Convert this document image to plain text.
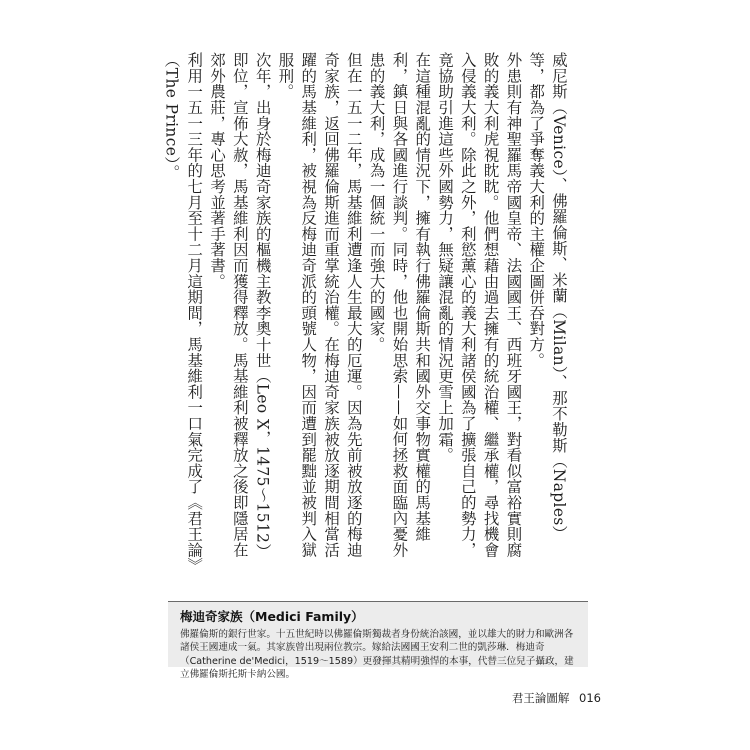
威尼斯（Venice）、佛羅倫斯、米蘭（Milan）、那不勒斯（Naples）等，都為了爭奪義大利的主權企圖併吞對方。

外患則有神聖羅馬帝國皇帝、法國國王、西班牙國王，對看似富裕實則腐敗的義大利虎視眈眈。他們想藉由過去擁有的統治權、繼承權，尋找機會入侵義大利。除此之外，利慾薰心的義大利諸侯國為了擴張自己的勢力，竟協助引進這些外國勢力，無疑讓混亂的情況更雪上加霜。

在這種混亂的情況下，擁有執行佛羅倫斯共和國外交事物實權的馬基維利，鎮日與各國進行談判。同時，他也開始思索——如何拯救面臨內憂外患的義大利，成為一個統一而強大的國家。

但在一五一二年，馬基維利遭逢人生最大的厄運。因為先前被放逐的梅迪奇家族，返回佛羅倫斯進而重掌統治權。在梅迪奇家族被放逐期間相當活躍的馬基維利，被視為反梅迪奇派的頭號人物，因而遭到罷黜並被判入獄服刑。

次年，出身於梅迪奇家族的樞機主教李奧十世（Leo X，1475～1512）即位，宣佈大赦，馬基維利因而獲得釋放。馬基維利被釋放之後即隱居在郊外農莊，專心思考並著手著書。

利用一五一三年的七月至十二月這期間，馬基維利一口氣完成了《君王論》（The Prince）。

梅迪奇家族（Medici Family）
佛羅倫斯的銀行世家。十五世紀時以佛羅倫斯獨裁者身份統治該國，並以雄大的財力和歐洲各諸侯王國連成一氣。其家族曾出現兩位教宗。嫁給法國國王安利二世的凱莎琳．梅迪奇（Catherine de'Medici，1519～1589）更發揮其精明強悍的本事，代替三位兒子攝政，建立佛羅倫斯托斯卡納公國。
君王論圖解 016
